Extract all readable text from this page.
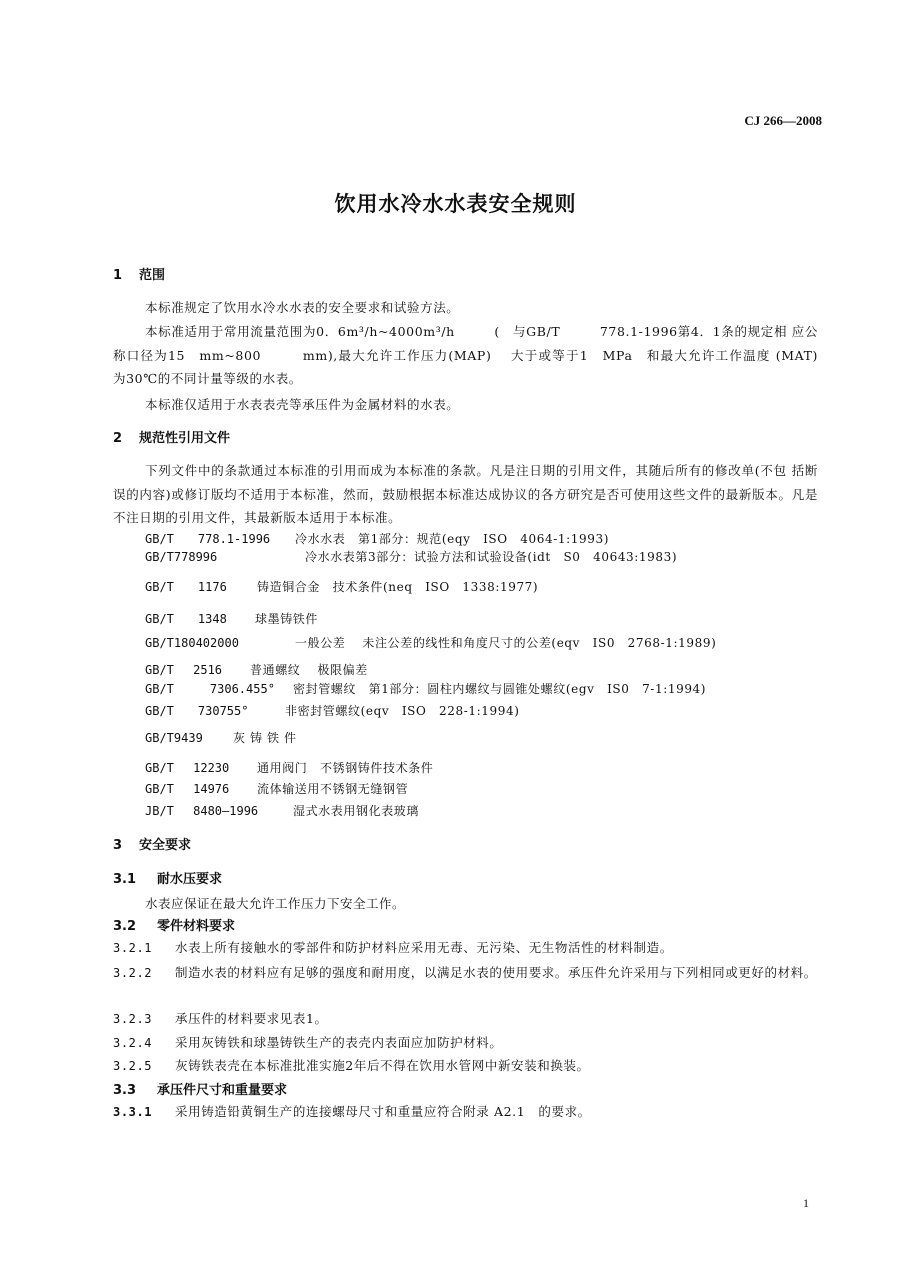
CJ 266—2008
饮用水冷水水表安全规则
1 范围
本标准规定了饮用水冷水水表的安全要求和试验方法。
本标准适用于常用流量范围为0．6m³/h~4000m³/h　　　(　与GB/T　　　778.1-1996第4．1条的规定相 应公称口径为15　mm~800　　　mm),最大允许工作压力(MAP)　 大于或等于1　MPa　和最大允许工作温度 (MAT)　 为30℃的不同计量等级的水表。
本标准仅适用于水表表壳等承压件为金属材料的水表。
2 规范性引用文件
下列文件中的条款通过本标准的引用而成为本标准的条款。凡是注日期的引用文件，其随后所有的修改单(不包 括断误的内容)或修订版均不适用于本标准，然而，鼓励根据本标准达成协议的各方研究是否可使用这些文件的最新版本。凡是不注日期的引用文件，其最新版本适用于本标准。
GB/T　　778.1-1996 冷水水表　第1部分：规范(eqy　ISO　4064-1:1993)
GB/T778996	冷水水表第3部分：试验方法和试验设备(idt　S0　40643:1983)
GB/T　　1176	铸造铜合金　技术条件(neq　ISO　1338:1977)
GB/T　　1348 球墨铸铁件
GB/T180402000	一般公差　 未注公差的线性和角度尺寸的公差(eqv　IS0　2768-1:1989)
GB/T　 2516 普通螺纹　 极限偏差
GB/T　　　7306.455° 密封管螺纹　第1部分：圆柱内螺纹与圆锥处螺纹(egv　IS0　7-1:1994)
GB/T　　730755°	非密封管螺纹(eqv　ISO　228-1:1994)
GB/T9439	灰 铸 铁 件
GB/T　 12230 通用阀门　不锈钢铸件技术条件
GB/T　 14976 流体输送用不锈钢无缝钢管
JB/T　 8480—1996	湿式水表用钢化表玻璃
3 安全要求
3.1 耐水压要求
水表应保证在最大允许工作压力下安全工作。
3.2 零件材料要求
3.2.1 水表上所有接触水的零部件和防护材料应采用无毒、无污染、无生物活性的材料制造。
3.2.2 制造水表的材料应有足够的强度和耐用度，以满足水表的使用要求。承压件允许采用与下列相同或更好的材料。
3.2.3 承压件的材料要求见表1。
3.2.4 采用灰铸铁和球墨铸铁生产的表壳内表面应加防护材料。
3.2.5 灰铸铁表壳在本标准批准实施2年后不得在饮用水管网中新安装和换装。
3.3 承压件尺寸和重量要求
3.3.1 采用铸造铅黄铜生产的连接螺母尺寸和重量应符合附录 A2.1　的要求。
1
